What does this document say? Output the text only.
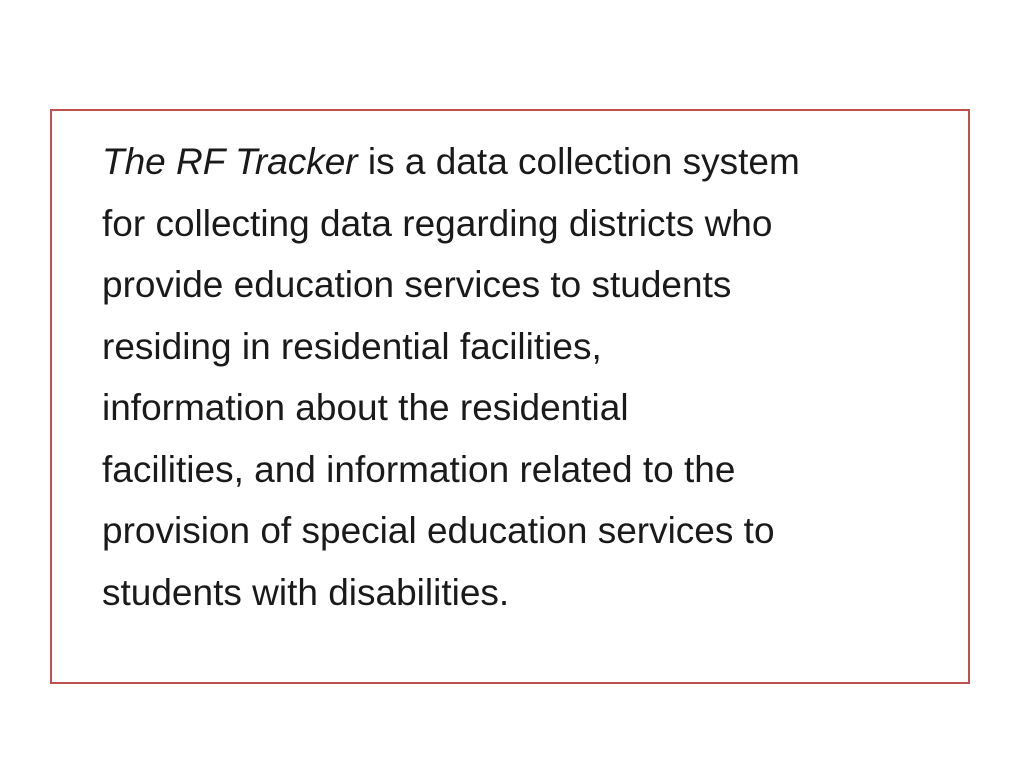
The RF Tracker is a data collection system
for collecting data regarding districts who
provide education services to students
residing in residential facilities,
information about the residential
facilities, and information related to the
provision of special education services to
students with disabilities.
